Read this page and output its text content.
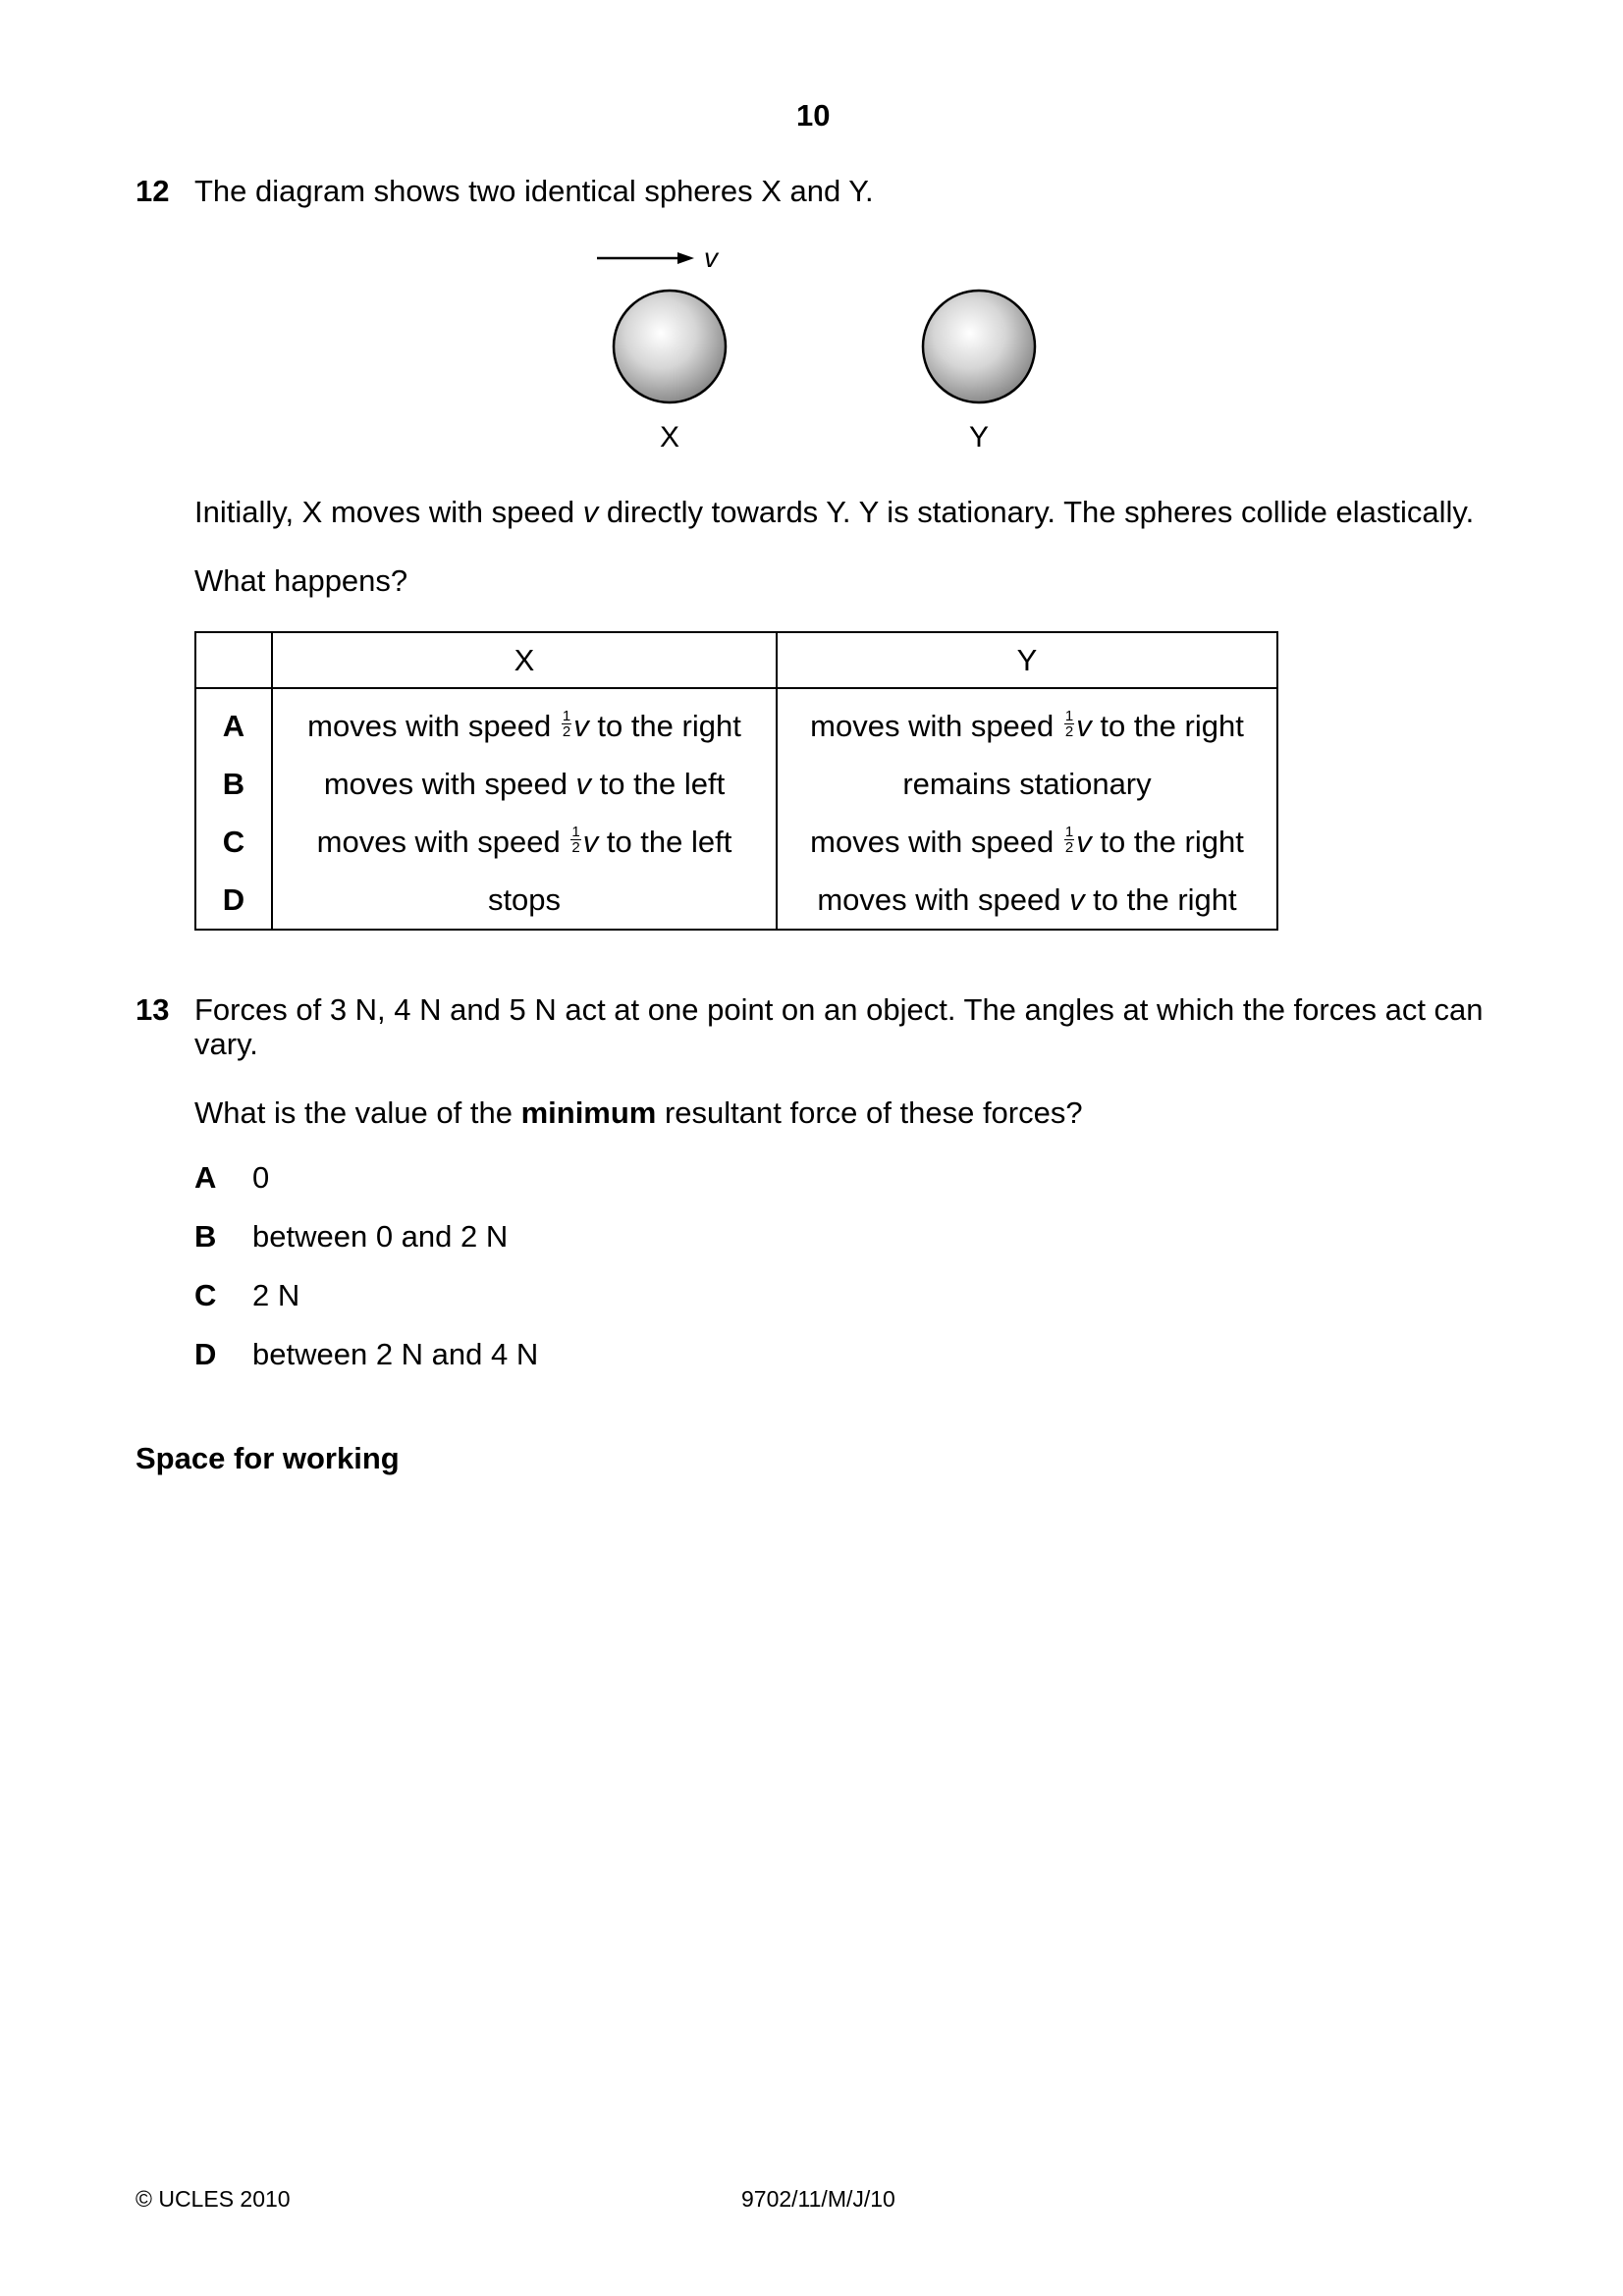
10
12 The diagram shows two identical spheres X and Y.
v
X	Y
Initially, X moves with speed v directly towards Y. Y is stationary. The spheres collide elastically.
What happens?
	X	Y
A	moves with speed $\frac{1}{2}$ v to the right	moves with speed $\frac{1}{2}$ v to the right
B	moves with speed v to the left	remains stationary
C	moves with speed $\frac{1}{2}$ v to the left	moves with speed $\frac{1}{2}$ v to the right
D	stops	moves with speed v to the right
13 Forces of 3 N, 4 N and 5 N act at one point on an object. The angles at which the forces act can
vary.
What is the value of the minimum resultant force of these forces?
A 0
B between 0 and 2 N
C 2 N
D between 2 N and 4 N
Space for working
© UCLES 2010	9702/11/M/J/10
